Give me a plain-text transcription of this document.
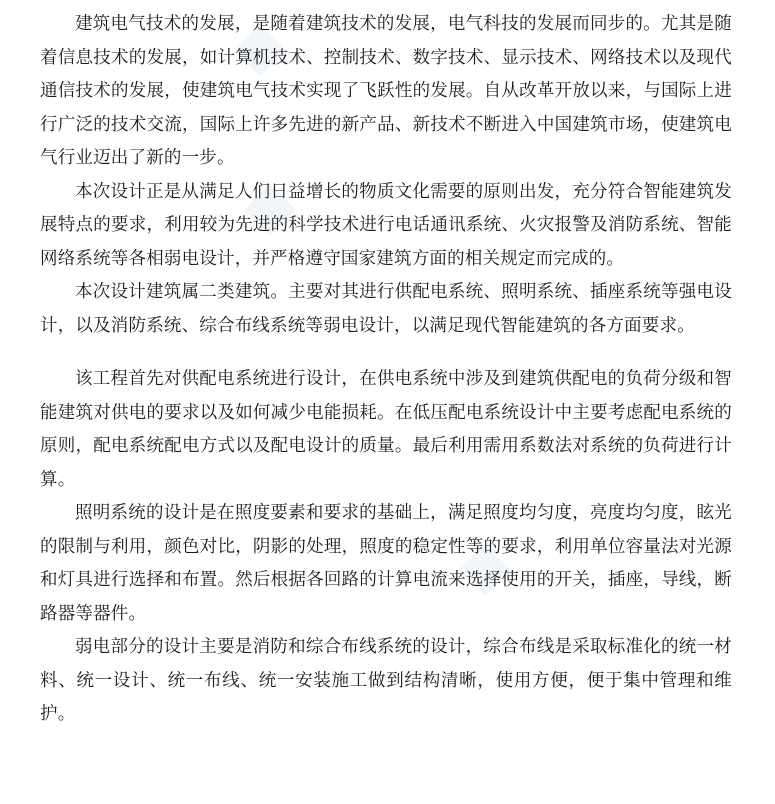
建筑电气技术的发展，是随着建筑技术的发展，电气科技的发展而同步的。尤其是随着信息技术的发展，如计算机技术、控制技术、数字技术、显示技术、网络技术以及现代通信技术的发展，使建筑电气技术实现了飞跃性的发展。自从改革开放以来，与国际上进行广泛的技术交流，国际上许多先进的新产品、新技术不断进入中国建筑市场，使建筑电气行业迈出了新的一步。

本次设计正是从满足人们日益增长的物质文化需要的原则出发，充分符合智能建筑发展特点的要求，利用较为先进的科学技术进行电话通讯系统、火灾报警及消防系统、智能网络系统等各相弱电设计，并严格遵守国家建筑方面的相关规定而完成的。

本次设计建筑属二类建筑。主要对其进行供配电系统、照明系统、插座系统等强电设计，以及消防系统、综合布线系统等弱电设计，以满足现代智能建筑的各方面要求。

该工程首先对供配电系统进行设计，在供电系统中涉及到建筑供配电的负荷分级和智能建筑对供电的要求以及如何减少电能损耗。在低压配电系统设计中主要考虑配电系统的原则，配电系统配电方式以及配电设计的质量。最后利用需用系数法对系统的负荷进行计算。

照明系统的设计是在照度要素和要求的基础上，满足照度均匀度，亮度均匀度，眩光的限制与利用，颜色对比，阴影的处理，照度的稳定性等的要求，利用单位容量法对光源和灯具进行选择和布置。然后根据各回路的计算电流来选择使用的开关，插座，导线，断路器等器件。

弱电部分的设计主要是消防和综合布线系统的设计，综合布线是采取标准化的统一材料、统一设计、统一布线、统一安装施工做到结构清晰，使用方便，便于集中管理和维护。
